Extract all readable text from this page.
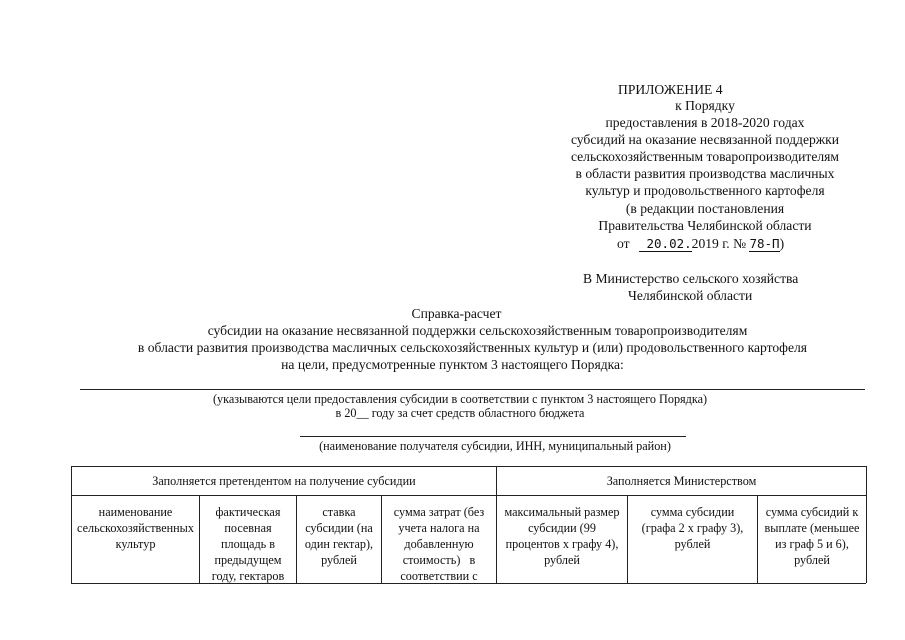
ПРИЛОЖЕНИЕ 4
к Порядку
предоставления в 2018-2020 годах
субсидий на оказание несвязанной поддержки
сельскохозяйственным товаропроизводителям
в области развития производства масличных
культур и продовольственного картофеля
(в редакции постановления
Правительства Челябинской области
от 20.02.2019 г. № 78-П)
В Министерство сельского хозяйства
Челябинской области
Справка-расчет
субсидии на оказание несвязанной поддержки сельскохозяйственным товаропроизводителям
в области развития производства масличных сельскохозяйственных культур и (или) продовольственного картофеля
на цели, предусмотренные пунктом 3 настоящего Порядка:
(указываются цели предоставления субсидии в соответствии с пунктом 3 настоящего Порядка)
в 20__ году за счет средств областного бюджета
(наименование получателя субсидии, ИНН, муниципальный район)
Заполняется претендентом на получение субсидии	Заполняется Министерством
наименование
сельскохозяйственных
культур
фактическая
посевная
площадь в
предыдущем
году, гектаров
ставка
субсидии (на
один гектар),
рублей
сумма затрат (без
учета налога на
добавленную
стоимость)   в
соответствии с
максимальный размер
субсидии (99
процентов x графу 4),
рублей
сумма субсидии
(графа 2 x графу 3),
рублей
сумма субсидий к
выплате (меньшее
из граф 5 и 6),
рублей
